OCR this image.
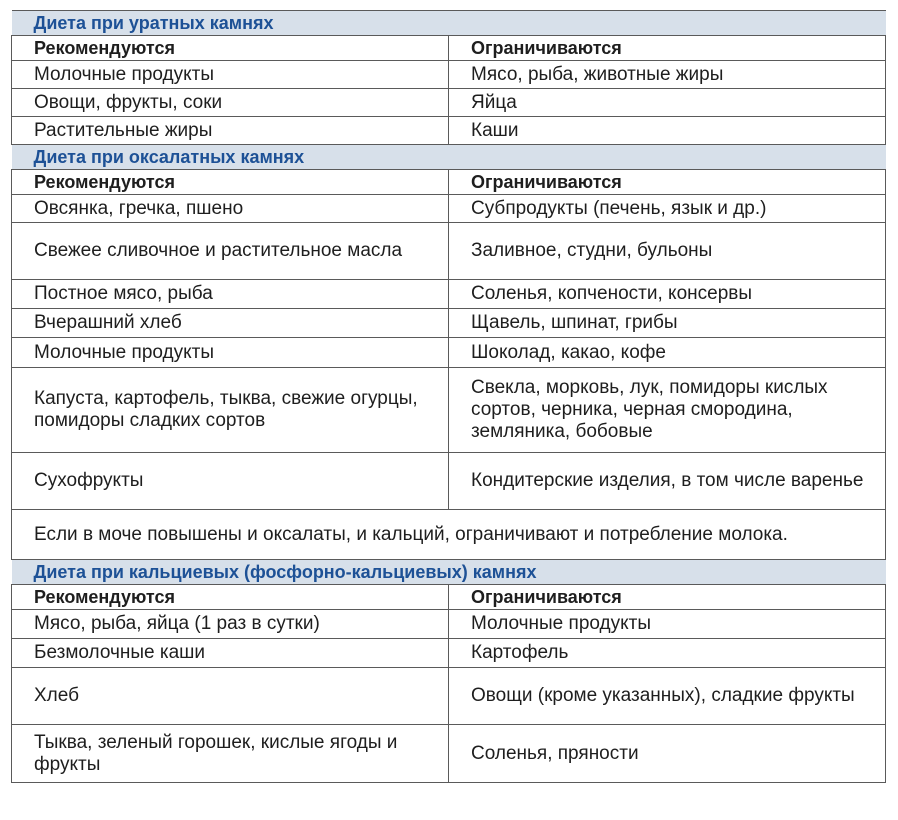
Диета при уратных камнях	
Рекомендуются	Ограничиваются
Молочные продукты	Мясо, рыба, животные жиры
Овощи, фрукты, соки	Яйца
Растительные жиры	Каши
Диета при оксалатных камнях	
Рекомендуются	Ограничиваются
Овсянка, гречка, пшено	Субпродукты (печень, язык и др.)
Свежее сливочное и растительное масла	Заливное, студни, бульоны
Постное мясо, рыба	Соленья, копчености, консервы
Вчерашний хлеб	Щавель, шпинат, грибы
Молочные продукты	Шоколад, какао, кофе
Капуста, картофель, тыква, свежие огурцы, помидоры сладких сортов	Свекла, морковь, лук, помидоры кислых сортов, черника, черная смородина, земляника, бобовые
Сухофрукты	Кондитерские изделия, в том числе варенье
Если в моче повышены и оксалаты, и кальций, ограничивают и потребление молока.	
Диета при кальциевых (фосфорно-кальциевых) камнях	
Рекомендуются	Ограничиваются
Мясо, рыба, яйца (1 раз в сутки)	Молочные продукты
Безмолочные каши	Картофель
Хлеб	Овощи (кроме указанных), сладкие фрукты
Тыква, зеленый горошек, кислые ягоды и фрукты	Соленья, пряности
